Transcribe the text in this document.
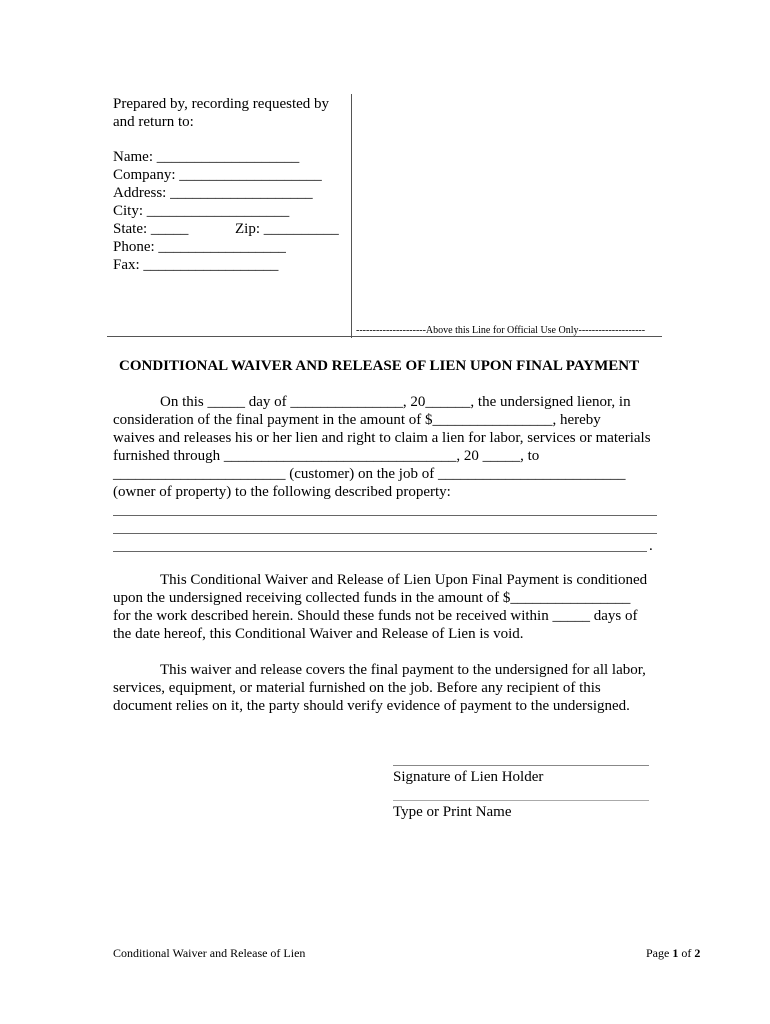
Prepared by, recording requested by
and return to:
Name: ___________________
Company: ___________________
Address: ___________________
City: ___________________
State: _____	Zip: __________
Phone: _________________
Fax: __________________
---------------------Above this Line for Official Use Only--------------------
CONDITIONAL WAIVER AND RELEASE OF LIEN UPON FINAL PAYMENT
On this _____ day of _______________, 20______, the undersigned lienor, in
consideration of the final payment in the amount of $________________, hereby
waives and releases his or her lien and right to claim a lien for labor, services or materials
furnished through _______________________________, 20 _____, to
_______________________ (customer) on the job of _________________________
(owner of property) to the following described property:
.
This Conditional Waiver and Release of Lien Upon Final Payment is conditioned
upon the undersigned receiving collected funds in the amount of $________________
for the work described herein. Should these funds not be received within _____ days of
the date hereof, this Conditional Waiver and Release of Lien is void.
This waiver and release covers the final payment to the undersigned for all labor,
services, equipment, or material furnished on the job. Before any recipient of this
document relies on it, the party should verify evidence of payment to the undersigned.
Signature of Lien Holder
Type or Print Name
Conditional Waiver and Release of Lien	Page 1 of 2
